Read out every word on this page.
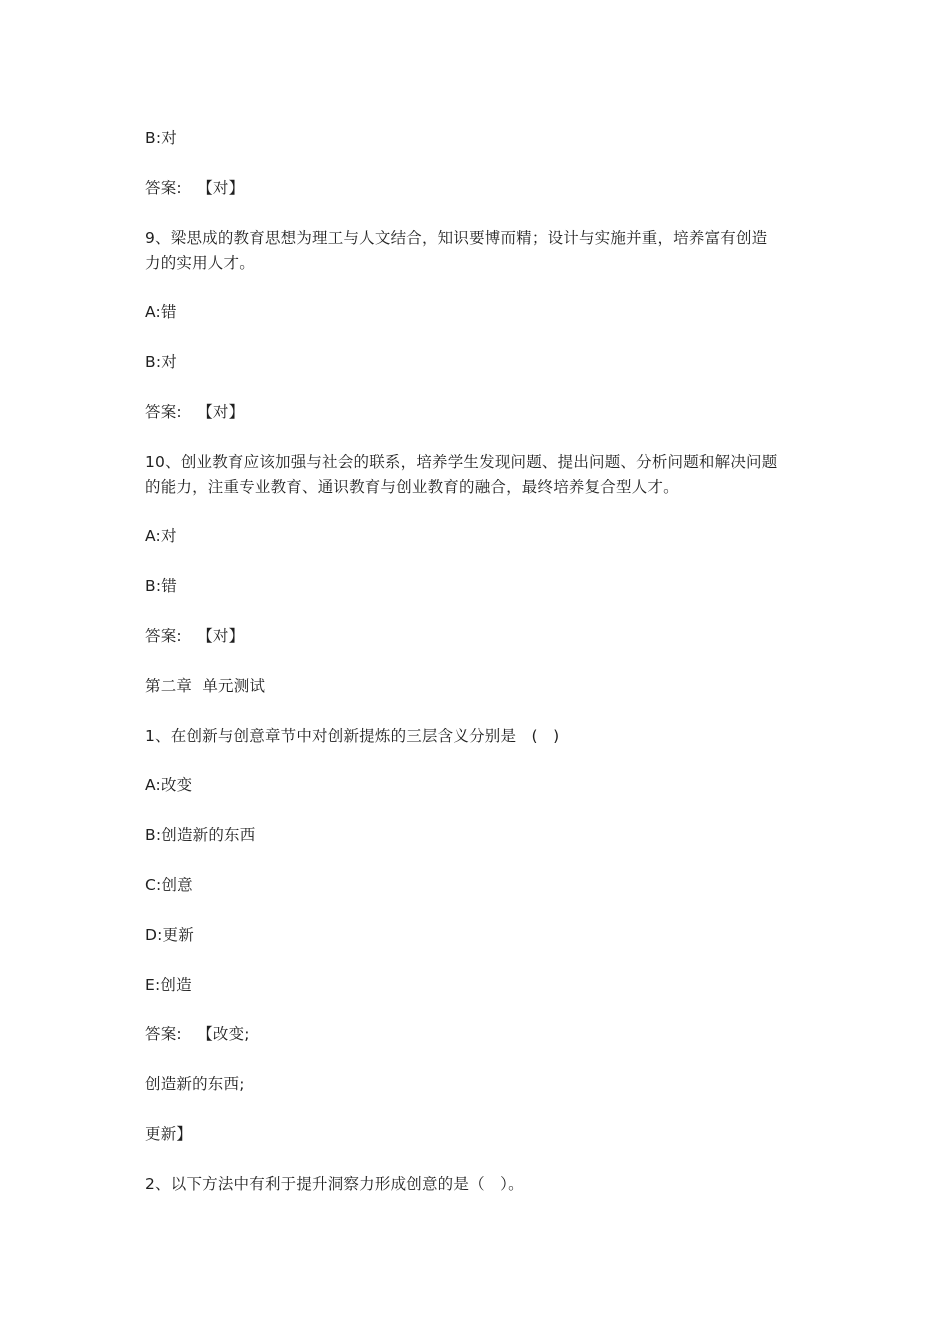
B:对
答案:   【对】
9、梁思成的教育思想为理工与人文结合，知识要博而精；设计与实施并重，培养富有创造
力的实用人才。
A:错
B:对
答案:   【对】
10、创业教育应该加强与社会的联系，培养学生发现问题、提出问题、分析问题和解决问题
的能力，注重专业教育、通识教育与创业教育的融合，最终培养复合型人才。
A:对
B:错
答案:   【对】
第二章  单元测试
1、在创新与创意章节中对创新提炼的三层含义分别是   (   )
A:改变
B:创造新的东西
C:创意
D:更新
E:创造
答案:   【改变;
创造新的东西;
更新】
2、以下方法中有利于提升洞察力形成创意的是（   ）。
